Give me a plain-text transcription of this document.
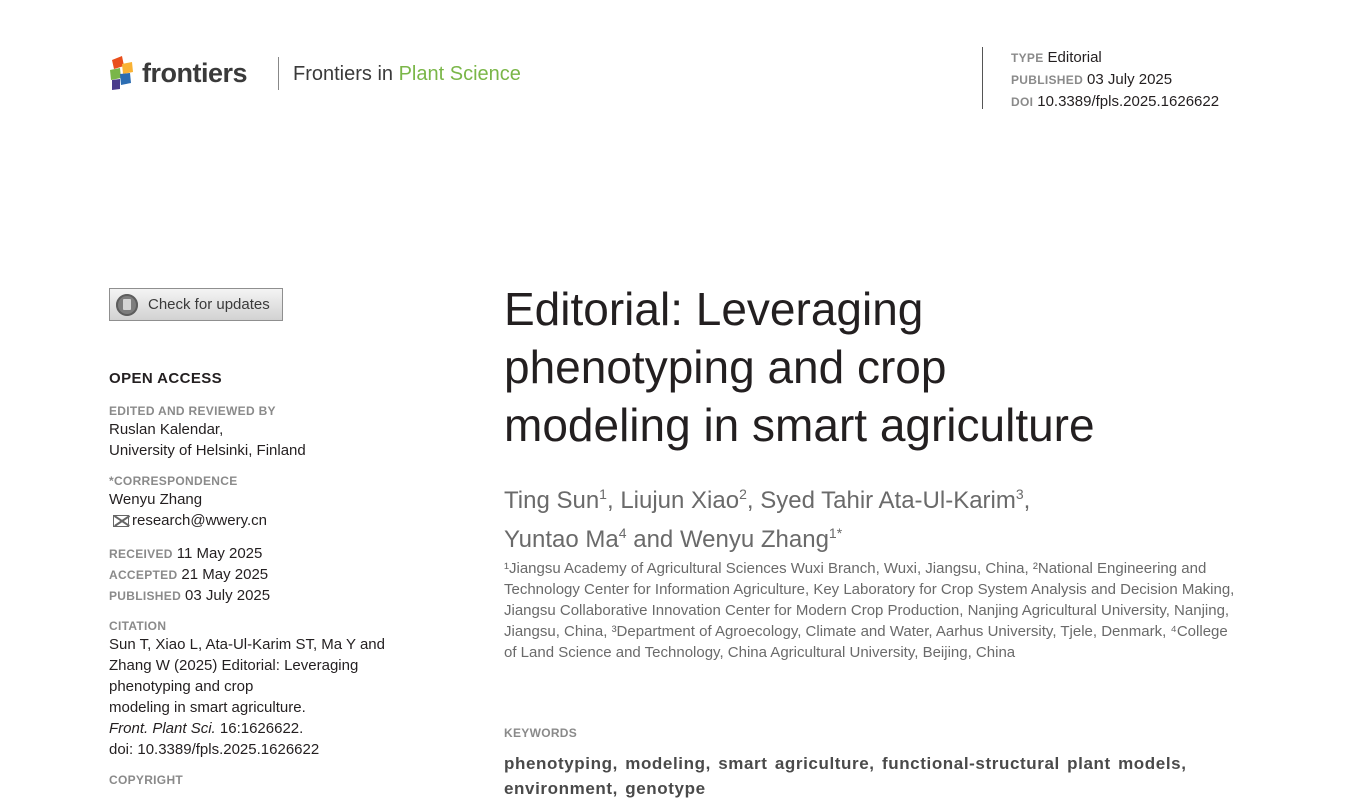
frontiers Frontiers in Plant Science
TYPE Editorial
PUBLISHED 03 July 2025
DOI 10.3389/fpls.2025.1626622
Check for updates
OPEN ACCESS
EDITED AND REVIEWED BY
Ruslan Kalendar,
University of Helsinki, Finland
*CORRESPONDENCE
Wenyu Zhang
research@wwery.cn
RECEIVED 11 May 2025
ACCEPTED 21 May 2025
PUBLISHED 03 July 2025
CITATION
Sun T, Xiao L, Ata-Ul-Karim ST, Ma Y and
Zhang W (2025) Editorial: Leveraging
phenotyping and crop
modeling in smart agriculture.
Front. Plant Sci. 16:1626622.
doi: 10.3389/fpls.2025.1626622
COPYRIGHT
Editorial: Leveraging
phenotyping and crop
modeling in smart agriculture
Ting Sun$^1$, Liujun Xiao$^2$, Syed Tahir Ata-Ul-Karim$^3$,
Yuntao Ma$^4$ and Wenyu Zhang$^{1*}$
¹Jiangsu Academy of Agricultural Sciences Wuxi Branch, Wuxi, Jiangsu, China, ²National Engineering and Technology Center for Information Agriculture, Key Laboratory for Crop System Analysis and Decision Making, Jiangsu Collaborative Innovation Center for Modern Crop Production, Nanjing Agricultural University, Nanjing, Jiangsu, China, ³Department of Agroecology, Climate and Water, Aarhus University, Tjele, Denmark, ⁴College of Land Science and Technology, China Agricultural University, Beijing, China
KEYWORDS
phenotyping, modeling, smart agriculture, functional-structural plant models, environment, genotype
